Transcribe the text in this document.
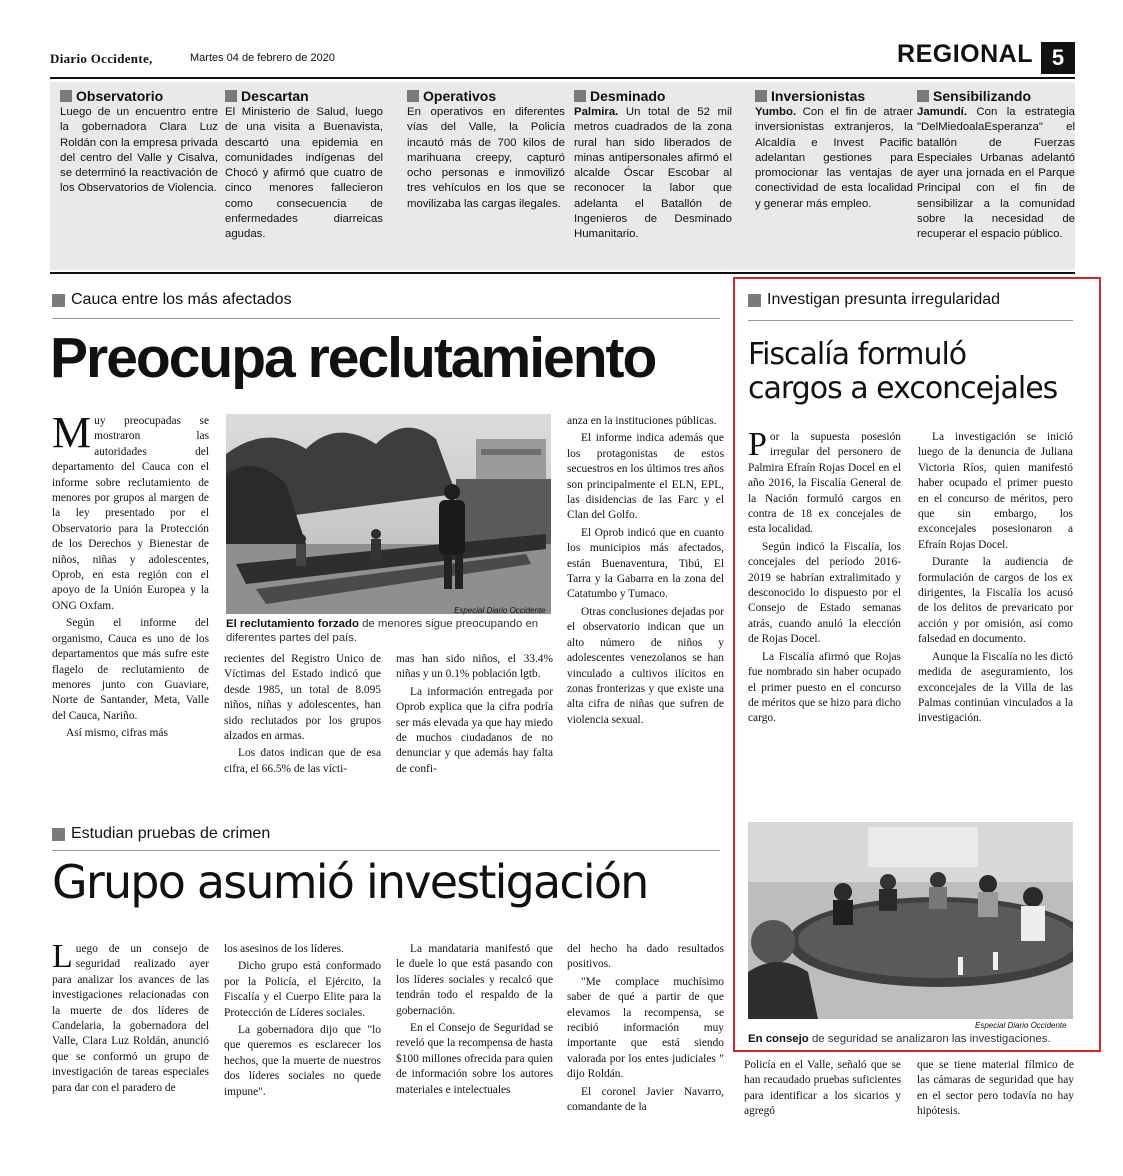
Diario Occidente,	Martes 04 de febrero de 2020	REGIONAL 5
Observatorio
Luego de un encuentro entre la gobernadora Clara Luz Roldán con la empresa privada del centro del Valle y Cisalva, se determinó la reactivación de los Observatorios de Violencia.
Descartan
El Ministerio de Salud, luego de una visita a Buenavista, descartó una epidemia en comunidades indígenas del Chocó y afirmó que cuatro de cinco menores fallecieron como consecuencia de enfermedades diarreicas agudas.
Operativos
En operativos en diferentes vías del Valle, la Policía incautó más de 700 kilos de marihuana creepy, capturó ocho personas e inmovilizó tres vehículos en los que se movilizaba las cargas ilegales.
Desminado
Palmira. Un total de 52 mil metros cuadrados de la zona rural han sido liberados de minas antipersonales afirmó el alcalde Óscar Escobar al reconocer la labor que adelanta el Batallón de Ingenieros de Desminado Humanitario.
Inversionistas
Yumbo. Con el fin de atraer inversionistas extranjeros, la Alcaldía e Invest Pacific adelantan gestiones para promocionar las ventajas de conectividad de esta localidad y generar más empleo.
Sensibilizando
Jamundí. Con la estrategia "DelMiedoalaEsperanza" el batallón de Fuerzas Especiales Urbanas adelantó ayer una jornada en el Parque Principal con el fin de sensibilizar a la comunidad sobre la necesidad de recuperar el espacio público.
Cauca entre los más afectados
Preocupa reclutamiento

Muy preocupadas se mostraron las autoridades del departamento del Cauca con el informe sobre reclutamiento de menores por grupos al margen de la ley presentado por el Observatorio para la Protección de los Derechos y Bienestar de niños, niñas y adolescentes, Oprob, en esta región con el apoyo de la Unión Europea y la ONG Oxfam.

Según el informe del organismo, Cauca es uno de los departamentos que más sufre este flagelo de reclutamiento de menores junto con Guaviare, Norte de Santander, Meta, Valle del Cauca, Nariño.

Así mismo, cifras más

Especial Diario Occidente
El reclutamiento forzado de menores sigue preocupando en diferentes partes del país.

recientes del Registro Unico de Víctimas del Estado indicó que desde 1985, un total de 8.095 niños, niñas y adolescentes, han sido reclutados por los grupos alzados en armas.

Los datos indican que de esa cifra, el 66.5% de las vícti-

mas han sido niños, el 33.4% niñas y un 0.1% población lgtb.

La información entregada por Oprob explica que la cifra podría ser más elevada ya que hay miedo de muchos ciudadanos de no denunciar y que además hay falta de confi-

anza en la instituciones públicas.

El informe indica además que los protagonistas de estos secuestros en los últimos tres años son principalmente el ELN, EPL, las disidencias de las Farc y el Clan del Golfo.

El Oprob indicó que en cuanto los municipios más afectados, están Buenaventura, Tibú, El Tarra y la Gabarra en la zona del Catatumbo y Tumaco.

Otras conclusiones dejadas por el observatorio indican que un alto número de niños y adolescentes venezolanos se han vinculado a cultivos ilícitos en zonas fronterizas y que existe una alta cifra de niñas que sufren de violencia sexual.

Investigan presunta irregularidad
Fiscalía formuló
cargos a exconcejales

Por la supuesta posesión irregular del personero de Palmira Efraín Rojas Docel en el año 2016, la Fiscalía General de la Nación formuló cargos en contra de 18 ex concejales de esta localidad.

Según indicó la Fiscalía, los concejales del período 2016- 2019 se habrían extralimitado y desconocido lo dispuesto por el Consejo de Estado semanas atrás, cuando anuló la elección de Rojas Docel.

La Fiscalía afirmó que Rojas fue nombrado sin haber ocupado el primer puesto en el concurso de méritos que se hizo para dicho cargo.

La investigación se inició luego de la denuncia de Juliana Victoria Ríos, quien manifestó haber ocupado el primer puesto en el concurso de méritos, pero que sin embargo, los exconcejales posesionaron a Efraín Rojas Docel.

Durante la audiencia de formulación de cargos de los ex dirigentes, la Fiscalía los acusó de los delitos de prevaricato por acción y por omisión, así como falsedad en documento.

Aunque la Fiscalía no les dictó medida de aseguramiento, los exconcejales de la Villa de las Palmas continúan vinculados a la investigación.

Especial Diario Occidente
En consejo de seguridad se analizaron las investigaciones.
Estudian pruebas de crimen
Grupo asumió investigación

Luego de un consejo de seguridad realizado ayer para analizar los avances de las investigaciones relacionadas con la muerte de dos líderes de Candelaria, la gobernadora del Valle, Clara Luz Roldán, anunció que se conformó un grupo de investigación de tareas especiales para dar con el paradero de

los asesinos de los líderes.

Dicho grupo está conformado por la Policía, el Ejército, la Fiscalía y el Cuerpo Elite para la Protección de Líderes sociales.

La gobernadora dijo que "lo que queremos es esclarecer los hechos, que la muerte de nuestros dos líderes sociales no quede impune".

La mandataria manifestó que le duele lo que está pasando con los líderes sociales y recalcó que tendrán todo el respaldo de la gobernación.

En el Consejo de Seguridad se reveló que la recompensa de hasta $100 millones ofrecida para quien de información sobre los autores materiales e intelectuales

del hecho ha dado resultados positivos.

"Me complace muchísimo saber de qué a partir de que elevamos la recompensa, se recibió información muy importante que está siendo valorada por los entes judiciales " dijo Roldán.

El coronel Javier Navarro, comandante de la

Policía en el Valle, señaló que se han recaudado pruebas suficientes para identificar a los sicarios y agregó

que se tiene material fílmico de las cámaras de seguridad que hay en el sector pero todavía no hay hipótesis.
